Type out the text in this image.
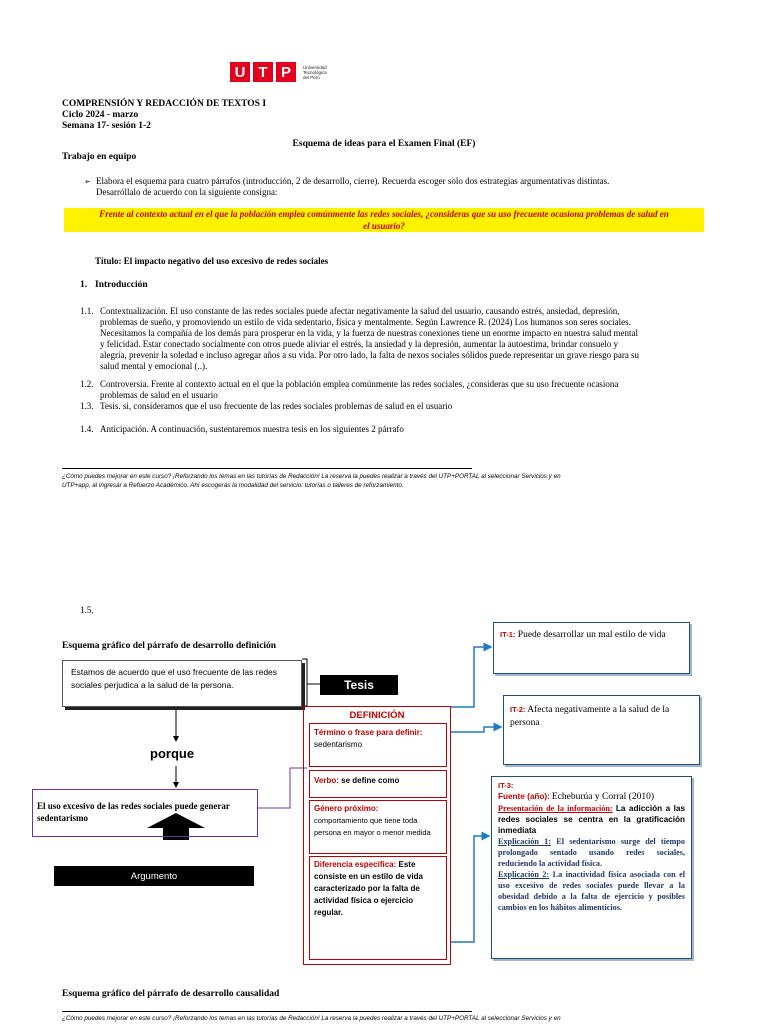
U T P	Universidad
Tecnológica
del Perú
COMPRENSIÓN Y REDACCIÓN DE TEXTOS I
Ciclo 2024 - marzo
Semana 17- sesión 1-2
Esquema de ideas para el Examen Final (EF)
Trabajo en equipo
➢ Elabora el esquema para cuatro párrafos (introducción, 2 de desarrollo, cierre). Recuerda escoger solo dos estrategias argumentativas distintas.
Desarróllalo de acuerdo con la siguiente consigna:
Frente al contexto actual en el que la población emplea comúnmente las redes sociales, ¿consideras que su uso frecuente ocasiona problemas de salud en
el usuario?
Título: El impacto negativo del uso excesivo de redes sociales
1. Introducción
1.1. Contextualización. El uso constante de las redes sociales puede afectar negativamente la salud del usuario, causando estrés, ansiedad, depresión,
problemas de sueño, y promoviendo un estilo de vida sedentario, física y mentalmente. Según Lawrence R. (2024) Los humanos son seres sociales.
Necesitamos la compañía de los demás para prosperar en la vida, y la fuerza de nuestras conexiones tiene un enorme impacto en nuestra salud mental
y felicidad. Estar conectado socialmente con otros puede aliviar el estrés, la ansiedad y la depresión, aumentar la autoestima, brindar consuelo y
alegría, prevenir la soledad e incluso agregar años a su vida. Por otro lado, la falta de nexos sociales sólidos puede representar un grave riesgo para su
salud mental y emocional (..).
1.2. Controversia. Frente al contexto actual en el que la población emplea comúnmente las redes sociales, ¿consideras que su uso frecuente ocasiona
problemas de salud en el usuario
1.3. Tesis. si, consideramos que el uso frecuente de las redes sociales problemas de salud en el usuario
1.4. Anticipación. A continuación, sustentaremos nuestra tesis en los siguientes 2 párrafo
¿Cómo puedes mejorar en este curso? ¡Reforzando los temas en las tutorías de Redacción! La reserva la puedes realizar a través del UTP+PORTAL al seleccionar Servicios y en
UTP+app, al ingresar a Refuerzo Académico. Ahí escogerás la modalidad del servicio: tutorías o talleres de reforzamiento.
1.5.
Esquema gráfico del párrafo de desarrollo definición
Estamos de acuerdo que el uso frecuente de las redes sociales perjudica a la salud de la persona.	Tesis
porque
El uso excesivo de las redes sociales puede generar sedentarismo
Argumento
DEFINICIÓN
Término o frase para definir:
sedentarismo
Verbo: se define como
Género próximo:
comportamiento que tiene toda persona en mayor o menor medida
Diferencia específica: Este consiste en un estilo de vida caracterizado por la falta de actividad física o ejercicio regular.
IT-1: Puede desarrollar un mal estilo de vida
IT-2: Afecta negativamente a la salud de la persona
IT-3:
Fuente (año): Echeburúa y Corral (2010)
Presentación de la información: La adicción a las redes sociales se centra en la gratificación inmediata
Explicación 1: El sedentarismo surge del tiempo prolongado sentado usando redes sociales, reduciendo la actividad física.
Explicación 2: La inactividad física asociada con el uso excesivo de redes sociales puede llevar a la obesidad debido a la falta de ejercicio y posibles cambios en los hábitos alimenticios.
Esquema gráfico del párrafo de desarrollo causalidad
¿Cómo puedes mejorar en este curso? ¡Reforzando los temas en las tutorías de Redacción! La reserva la puedes realizar a través del UTP+PORTAL al seleccionar Servicios y en
